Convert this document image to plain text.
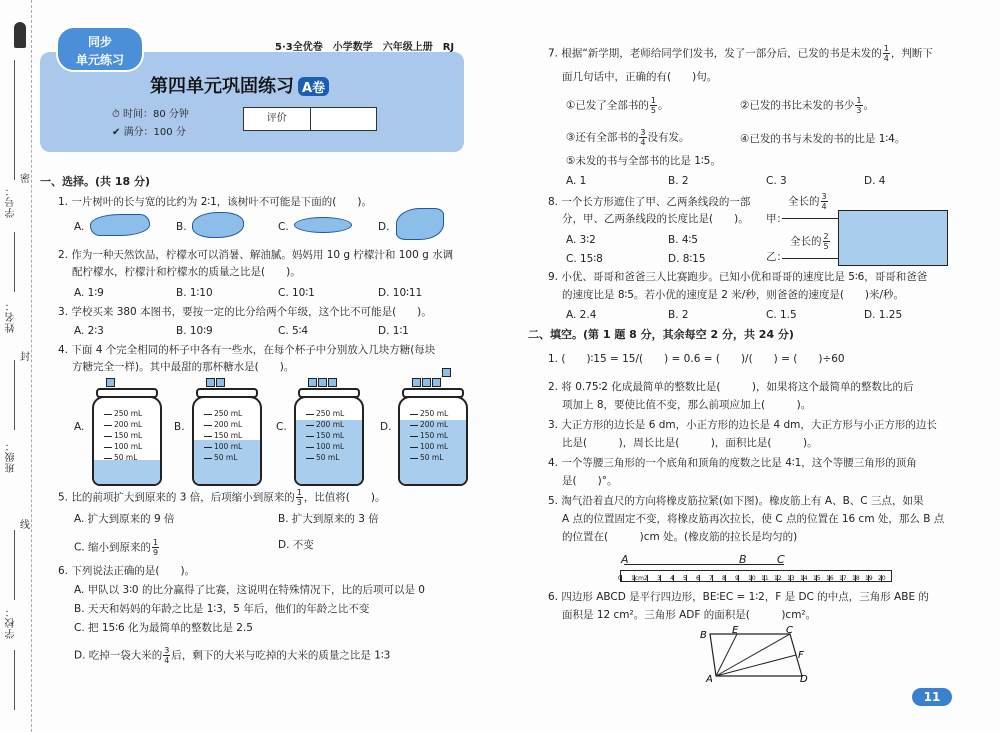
学号：
密
姓名：
封
班级：
线
学校：
同步
单元练习
5·3全优卷 小学数学 六年级上册 RJ
第四单元巩固练习 A卷
⏱ 时间：80 分钟
✔ 满分：100 分
评价
一、选择。(共 18 分)
1. 一片树叶的长与宽的比约为 2∶1，该树叶不可能是下面的(　　)。
A.	B.	C.	D.
2. 作为一种天然饮品，柠檬水可以消暑、解油腻。妈妈用 10 g 柠檬汁和 100 g 水调
配柠檬水，柠檬汁和柠檬水的质量之比是(　　)。
A. 1∶9	B. 1∶10	C. 10∶1	D. 10∶11
3. 学校买来 380 本图书，要按一定的比分给两个年级，这个比不可能是(　　)。
A. 2∶3	B. 10∶9	C. 5∶4	D. 1∶1
4. 下面 4 个完全相同的杯子中各有一些水，在每个杯子中分别放入几块方糖(每块
方糖完全一样)。其中最甜的那杯糖水是(　　)。
A.
250 mL
200 mL
150 mL
100 mL
50 mL
B.
250 mL
200 mL
150 mL
100 mL
50 mL
C.
250 mL
200 mL
150 mL
100 mL
50 mL
D.
250 mL
200 mL
150 mL
100 mL
50 mL
5. 比的前项扩大到原来的 3 倍，后项缩小到原来的 $\frac{1}{3}$ ，比值将(　　)。
A. 扩大到原来的 9 倍	B. 扩大到原来的 3 倍
C. 缩小到原来的 $\frac{1}{9}$	D. 不变
6. 下列说法正确的是(　　)。
A. 甲队以 3∶0 的比分赢得了比赛，这说明在特殊情况下，比的后项可以是 0
B. 天天和妈妈的年龄之比是 1∶3，5 年后，他们的年龄之比不变
C. 把 15∶6 化为最简单的整数比是 2.5
D. 吃掉一袋大米的 $\frac{3}{4}$ 后，剩下的大米与吃掉的大米的质量之比是 1∶3
7. 根据“新学期，老师给同学们发书，发了一部分后，已发的书是未发的 $\frac{1}{4}$ ，判断下
面几句话中，正确的有(　　)句。
①已发了全部书的 $\frac{1}{5}$ 。	②已发的书比未发的书少 $\frac{1}{3}$ 。
③还有全部书的 $\frac{3}{4}$ 没有发。	④已发的书与未发的书的比是 1∶4。
⑤未发的书与全部书的比是 1∶5。
A. 1	B. 2	C. 3	D. 4
8. 一个长方形遮住了甲、乙两条线段的一部
分，甲、乙两条线段的长度比是(　　)。
A. 3∶2	B. 4∶5
C. 15∶8	D. 8∶15
全长的 $\frac{3}{4}$
甲：
全长的 $\frac{2}{5}$
乙：
9. 小优、哥哥和爸爸三人比赛跑步。已知小优和哥哥的速度比是 5∶6，哥哥和爸爸
的速度比是 8∶5。若小优的速度是 2 米/秒，则爸爸的速度是(　　)米/秒。
A. 2.4	B. 2	C. 1.5	D. 1.25
二、填空。(第 1 题 8 分，其余每空 2 分，共 24 分)
1. (　　)∶15 = 15/(　　) = 0.6 = (　　)/(　　) = (　　)÷60
2. 将 0.75∶2 化成最简单的整数比是(　　　)，如果将这个最简单的整数比的后
项加上 8，要使比值不变，那么前项应加上(　　　)。
3. 大正方形的边长是 6 dm，小正方形的边长是 4 dm，大正方形与小正方形的边长
比是(　　　)，周长比是(　　　)，面积比是(　　　)。
4. 一个等腰三角形的一个底角和顶角的度数之比是 4∶1，这个等腰三角形的顶角
是(　　)°。
5. 淘气沿着直尺的方向将橡皮筋拉紧(如下图)。橡皮筋上有 A、B、C 三点，如果
A 点的位置固定不变，将橡皮筋再次拉长，使 C 点的位置在 16 cm 处，那么 B 点
的位置在(　　　)cm 处。(橡皮筋的拉长是均匀的)
0 1cm 2 3 4 5 6 7 8 9 10 11 12 13 14 15 16 17 18 19 20
A	B	C
6. 四边形 ABCD 是平行四边形，BE∶EC = 1∶2，F 是 DC 的中点，三角形 ABE 的
面积是 12 cm²。三角形 ADF 的面积是(　　　)cm²。
B	E	C
F
A	D
11
